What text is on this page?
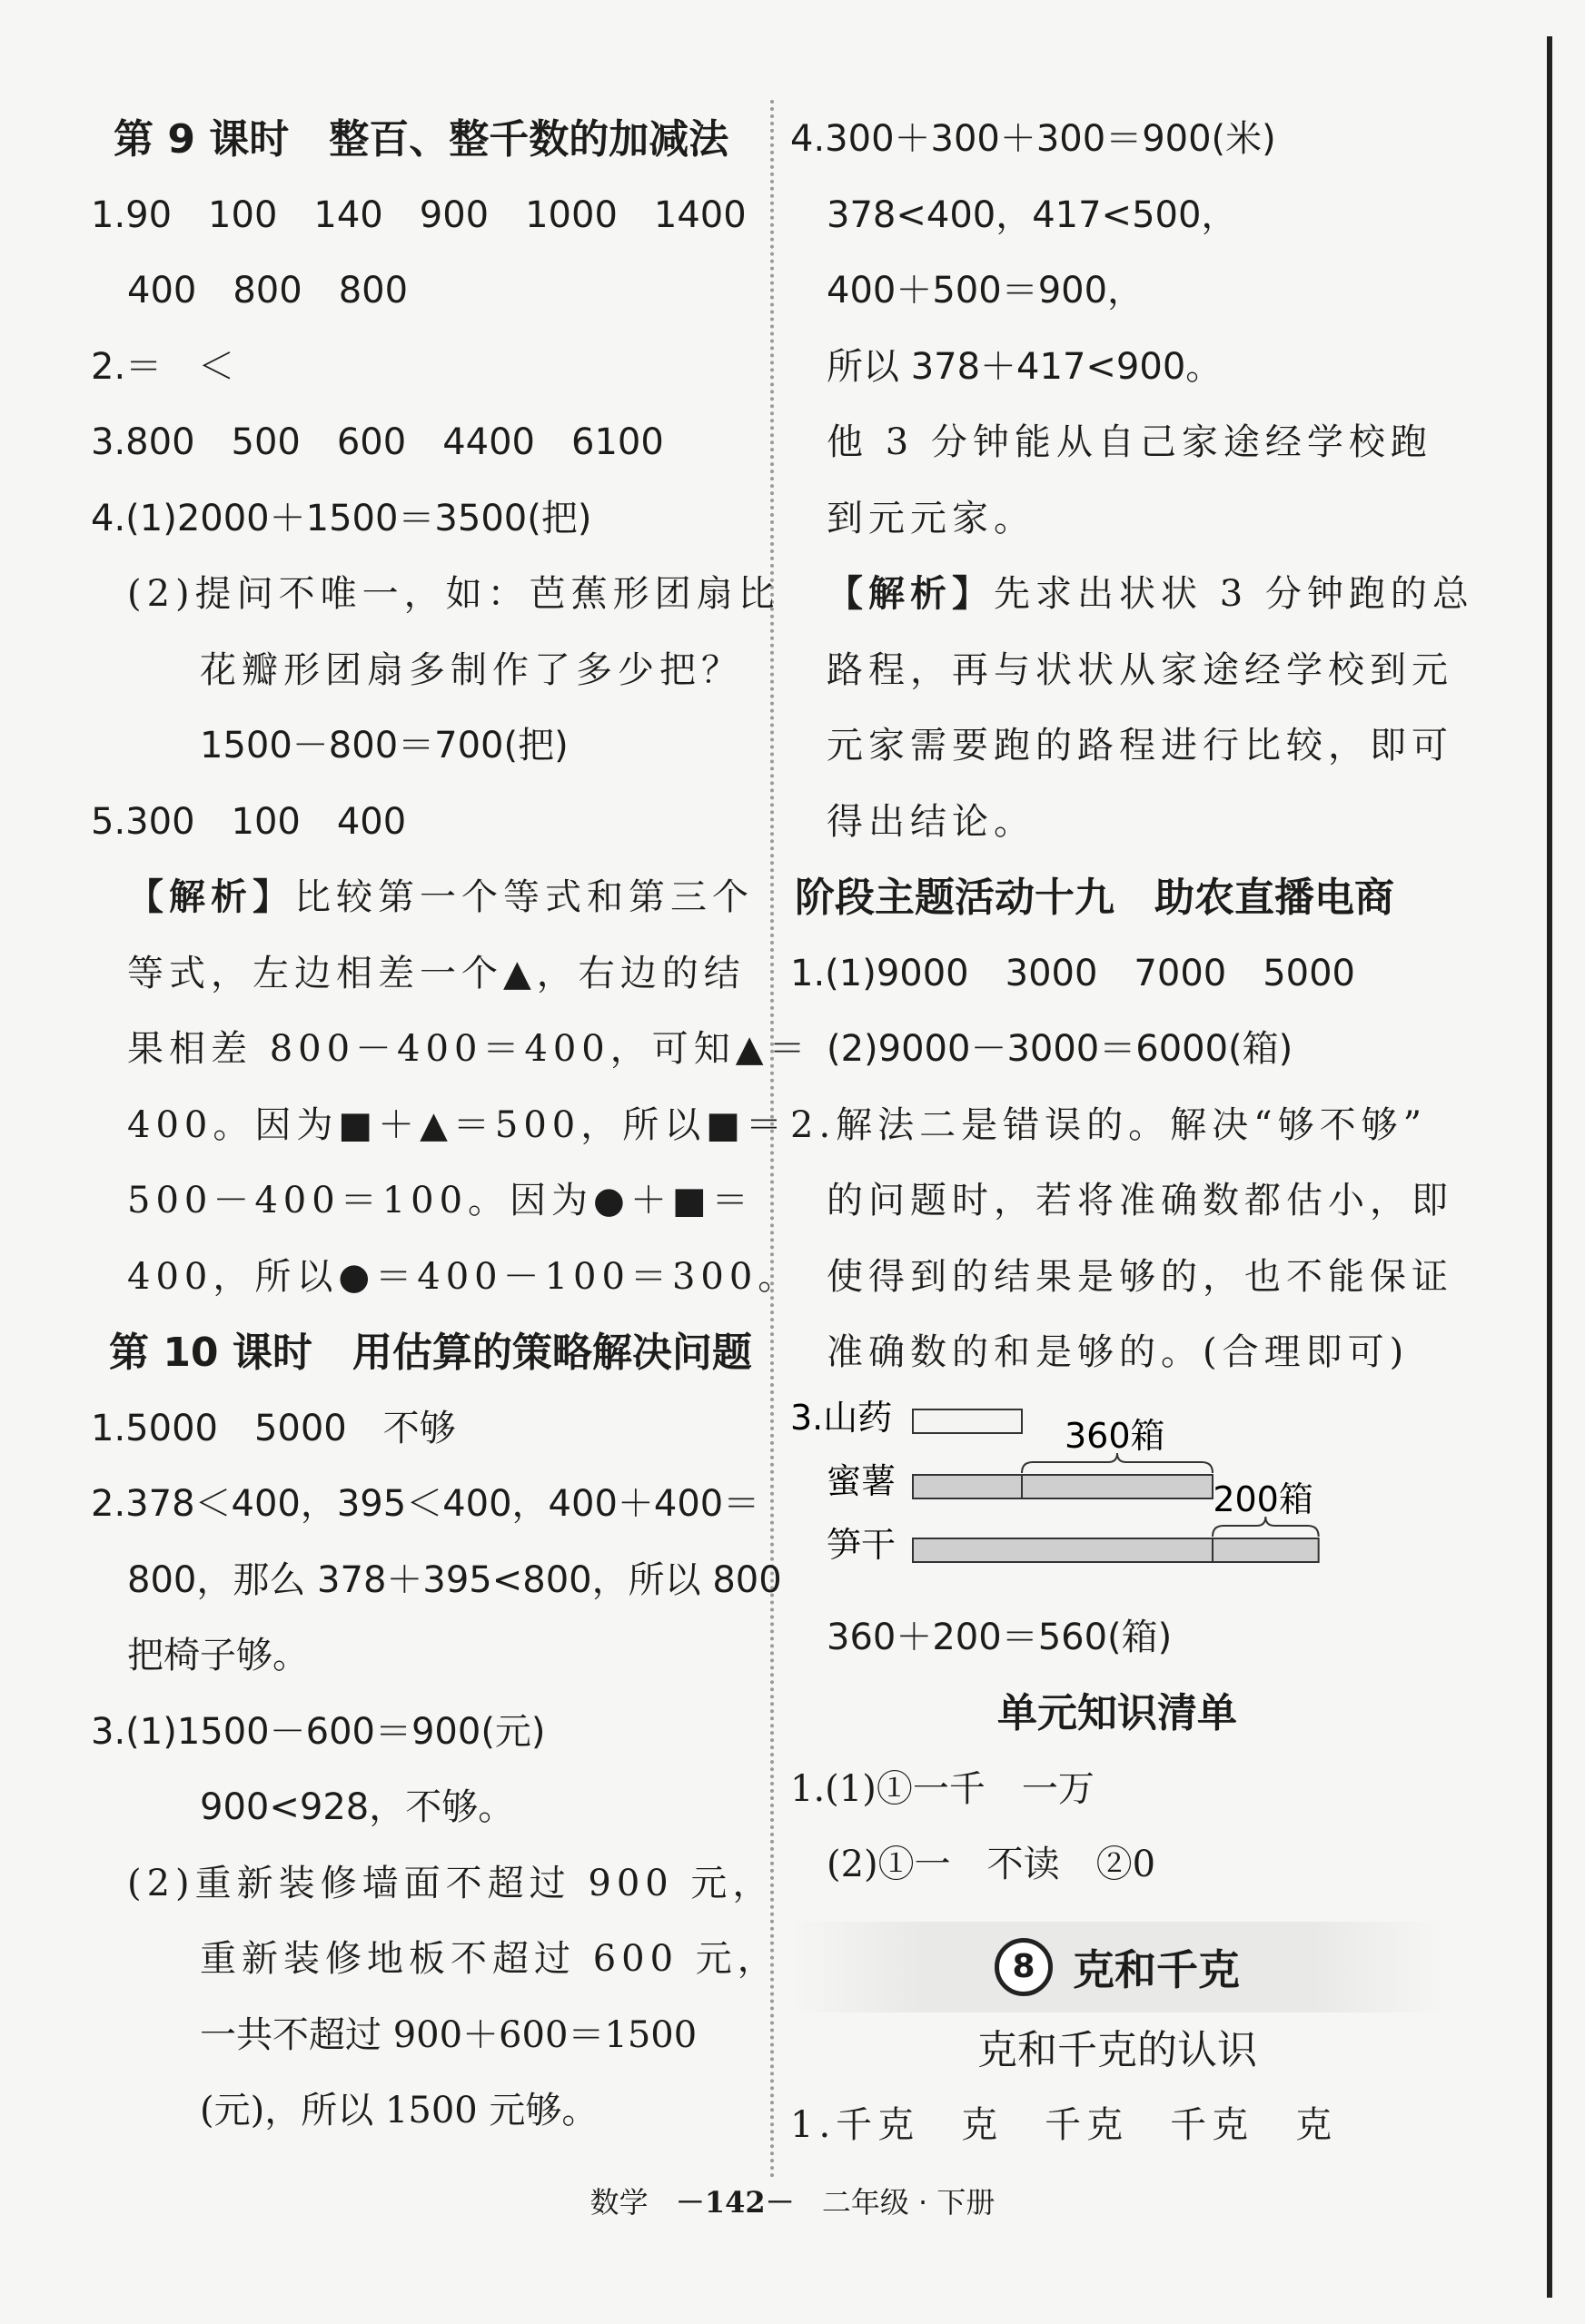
第 9 课时　整百、整千数的加减法
1.90　100　140　900　1000　1400
400　800　800
2.＝　＜
3.800　500　600　4400　6100
4.(1)2000＋1500＝3500(把)
(2)提问不唯一，如：芭蕉形团扇比
花瓣形团扇多制作了多少把？
1500－800＝700(把)
5.300　100　400
【解析】比较第一个等式和第三个
等式，左边相差一个▲，右边的结
果相差 800－400＝400，可知▲＝
400。因为■＋▲＝500，所以■＝
500－400＝100。因为●＋■＝
400，所以●＝400－100＝300。
第 10 课时　用估算的策略解决问题
1.5000　5000　不够
2.378＜400，395＜400，400＋400＝
800，那么 378＋395<800，所以 800
把椅子够。
3.(1)1500－600＝900(元)
900<928，不够。
(2)重新装修墙面不超过 900 元，
重新装修地板不超过 600 元，
一共不超过 900＋600＝1500
(元)，所以 1500 元够。
4.300＋300＋300＝900(米)
378<400，417<500，
400＋500＝900，
所以 378＋417<900。
他 3 分钟能从自己家途经学校跑
到元元家。
【解析】先求出状状 3 分钟跑的总
路程，再与状状从家途经学校到元
元家需要跑的路程进行比较，即可
得出结论。
阶段主题活动十九　助农直播电商
1.(1)9000　3000　7000　5000
(2)9000－3000＝6000(箱)
2.解法二是错误的。解决“够不够”
的问题时，若将准确数都估小，即
使得到的结果是够的，也不能保证
准确数的和是够的。(合理即可)
3.山药
蜜薯
笋干
360箱
200箱
360＋200＝560(箱)
单元知识清单
1.(1)①一千　一万
(2)①一　不读　②0
8 克和千克
克和千克的认识
1.千克　克　千克　千克　克
数学 －142－ 二年级 · 下册
